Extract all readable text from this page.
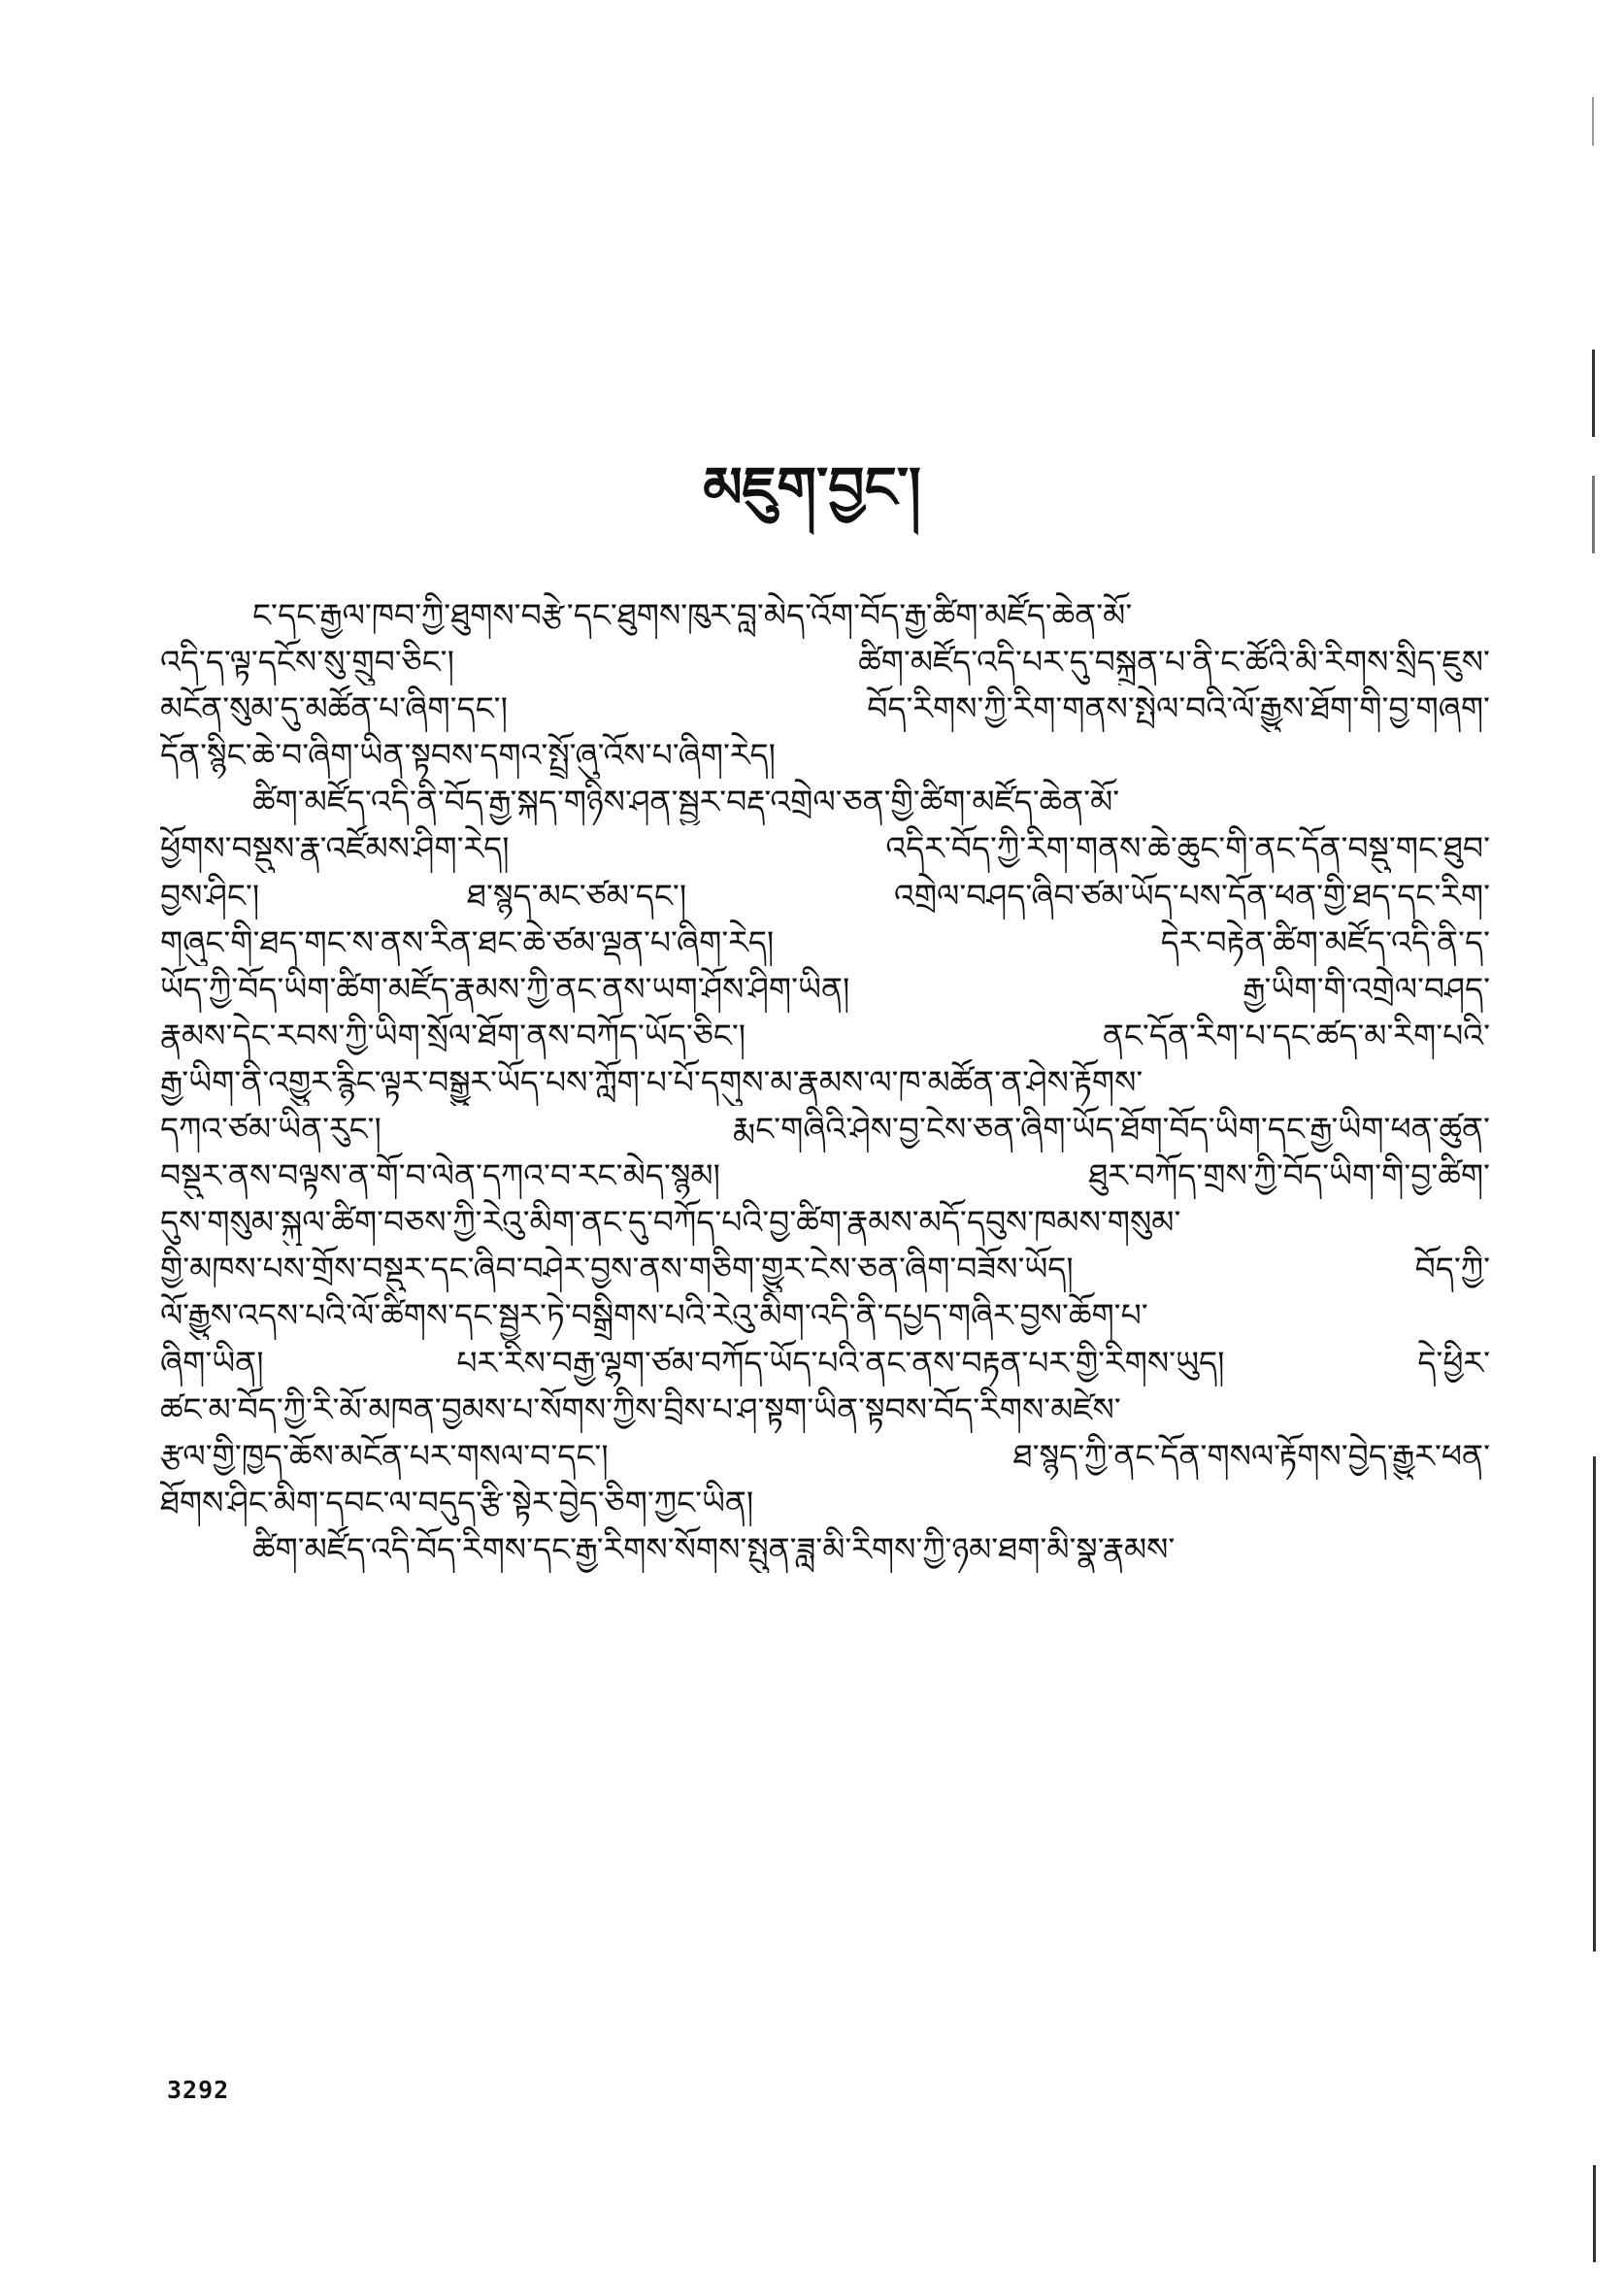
མཇུག་བྱང་།
ང་དང་རྒྱལ་ཁབ་ཀྱི་ཐུགས་བརྩེ་དང་ཐུགས་ཁུར་བླ་མེད་འོག་བོད་རྒྱ་ཚིག་མཛོད་ཆེན་མོ་
འདི་ད་ལྟ་དངོས་སུ་གྲུབ་ཅིང་། ཚིག་མཛོད་འདི་པར་དུ་བསྐྲུན་པ་ནི་ང་ཚོའི་མི་རིགས་སྲིད་ཇུས་
མངོན་སུམ་དུ་མཚོན་པ་ཞིག་དང་། བོད་རིགས་ཀྱི་རིག་གནས་སྤེལ་བའི་ལོ་རྒྱུས་ཐོག་གི་བྱ་གཞག་
དོན་སྙིང་ཆེ་བ་ཞིག་ཡིན་སྟབས་དགའ་སྤྲོ་ཞུ་འོས་པ་ཞིག་རེད།
ཚིག་མཛོད་འདི་ནི་བོད་རྒྱ་སྐད་གཉིས་ཤན་སྦྱར་བརྡ་འགྲེལ་ཅན་གྱི་ཚིག་མཛོད་ཆེན་མོ་
ཕྱོགས་བསྡུས་རྣ་འཛོམས་ཤིག་རེད། འདིར་བོད་ཀྱི་རིག་གནས་ཆེ་ཆུང་གི་ནང་དོན་བསྡུ་གང་ཐུབ་
བྱས་ཤིང་། ཐ་སྙད་མང་ཙམ་དང་། འགྲེལ་བཤད་ཞིབ་ཙམ་ཡོད་པས་དོན་ཕན་གྱི་ཐད་དང་རིག་
གཞུང་གི་ཐད་གང་ས་ནས་རིན་ཐང་ཆེ་ཙམ་ལྡན་པ་ཞིག་རེད། དེར་བརྟེན་ཚིག་མཛོད་འདི་ནི་ད་
ཡོད་ཀྱི་བོད་ཡིག་ཚིག་མཛོད་རྣམས་ཀྱི་ནང་ནས་ཡག་ཤོས་ཤིག་ཡིན། རྒྱ་ཡིག་གི་འགྲེལ་བཤད་
རྣམས་དེང་རབས་ཀྱི་ཡིག་སྲོལ་ཐོག་ནས་བཀོད་ཡོད་ཅིང་། ནང་དོན་རིག་པ་དང་ཚད་མ་རིག་པའི་
རྒྱ་ཡིག་ནི་འགྱུར་རྙིང་ལྟར་བསྒྱུར་ཡོད་པས་ཀློག་པ་པོ་དགུས་མ་རྣམས་ལ་ཁ་མཚོན་ན་ཤེས་རྟོགས་
དཀའ་ཙམ་ཡིན་རུང་། རྨང་གཞིའི་ཤེས་བྱ་ངེས་ཅན་ཞིག་ཡོད་ཐོག་བོད་ཡིག་དང་རྒྱ་ཡིག་ཕན་ཚུན་
བསྡུར་ནས་བལྟས་ན་གོ་བ་ལེན་དཀའ་བ་རང་མེད་སྙམ། ཐུར་བཀོད་གྲས་ཀྱི་བོད་ཡིག་གི་བྱ་ཚིག་
དུས་གསུམ་སྐུལ་ཚིག་བཅས་ཀྱི་རེའུ་མིག་ནང་དུ་བཀོད་པའི་བྱ་ཚིག་རྣམས་མདོ་དབུས་ཁམས་གསུམ་
གྱི་མཁས་པས་གྲོས་བསྡུར་དང་ཞིབ་བཤེར་བྱས་ནས་གཅིག་གྱུར་ངེས་ཅན་ཞིག་བཟོས་ཡོད། བོད་ཀྱི་
ལོ་རྒྱུས་འདས་པའི་ལོ་ཚིགས་དང་སྦྱར་ཏེ་བསྒྲིགས་པའི་རེའུ་མིག་འདི་ནི་དཔྱད་གཞིར་བྱས་ཆོག་པ་
ཞིག་ཡིན། པར་རིས་བརྒྱ་ལྷག་ཙམ་བཀོད་ཡོད་པའི་ནང་ནས་བརྟན་པར་གྱི་རིགས་ཡུད། དེ་ཕྱིར་
ཚང་མ་བོད་ཀྱི་རི་མོ་མཁན་བྱམས་པ་སོགས་ཀྱིས་བྲིས་པ་ཤ་སྟག་ཡིན་སྟབས་བོད་རིགས་མཛེས་
རྩལ་གྱི་ཁྱད་ཆོས་མངོན་པར་གསལ་བ་དང་། ཐ་སྙད་ཀྱི་ནང་དོན་གསལ་རྟོགས་བྱེད་རྒྱུར་ཕན་
ཐོགས་ཤིང་མིག་དབང་ལ་བདུད་རྩི་སྟེར་བྱེད་ཅིག་ཀྱང་ཡིན།
ཚིག་མཛོད་འདི་བོད་རིགས་དང་རྒྱ་རིགས་སོགས་སྤུན་ཟླ་མི་རིགས་ཀྱི་ཉམ་ཐག་མི་སྣ་རྣམས་
3292
